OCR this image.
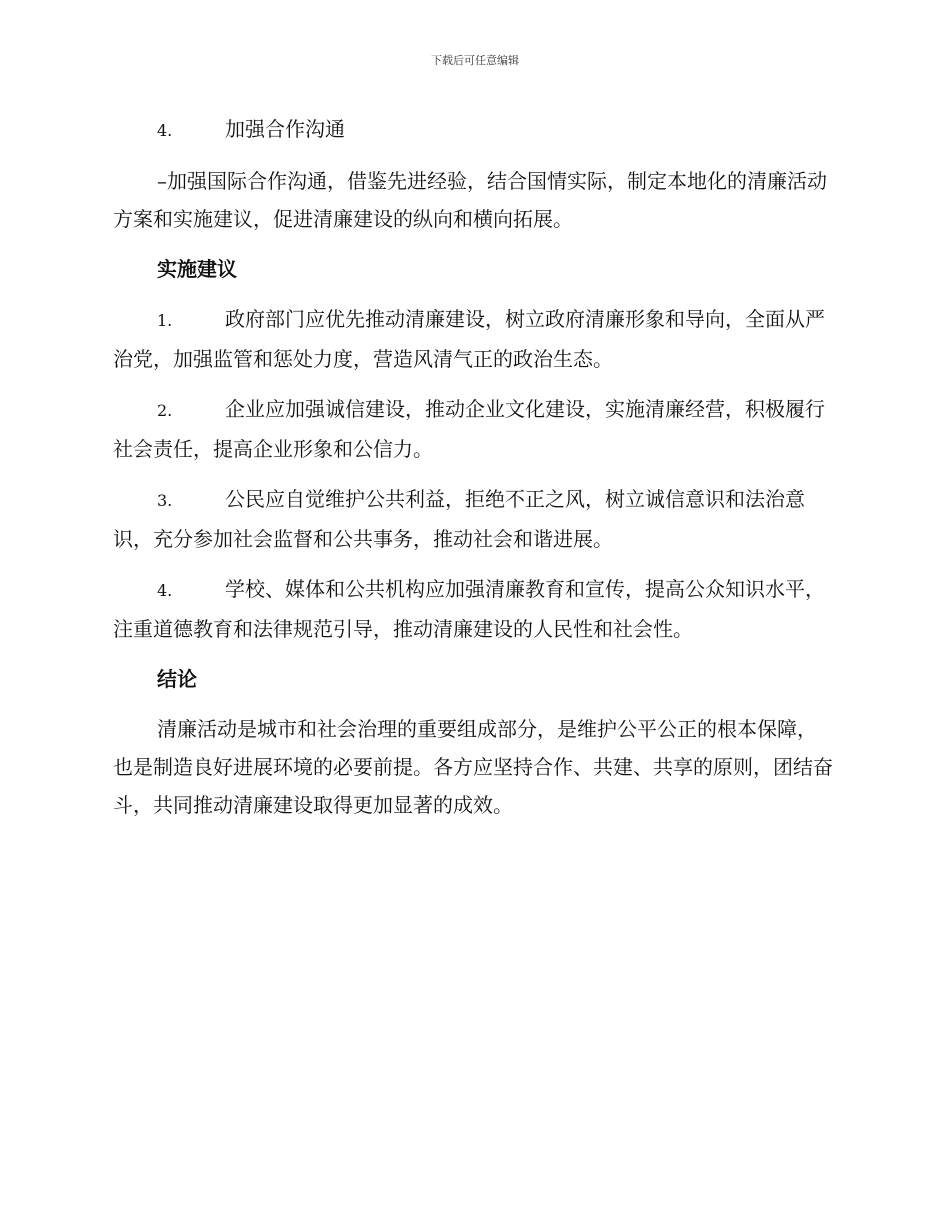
下载后可任意编辑

4.	加强合作沟通

–加强国际合作沟通，借鉴先进经验，结合国情实际，制定本地化的清廉活动方案和实施建议，促进清廉建设的纵向和横向拓展。

实施建议

1.	政府部门应优先推动清廉建设，树立政府清廉形象和导向，全面从严治党，加强监管和惩处力度，营造风清气正的政治生态。

2.	企业应加强诚信建设，推动企业文化建设，实施清廉经营，积极履行社会责任，提高企业形象和公信力。

3.	公民应自觉维护公共利益，拒绝不正之风，树立诚信意识和法治意识，充分参加社会监督和公共事务，推动社会和谐进展。

4.	学校、媒体和公共机构应加强清廉教育和宣传，提高公众知识水平，注重道德教育和法律规范引导，推动清廉建设的人民性和社会性。

结论

清廉活动是城市和社会治理的重要组成部分，是维护公平公正的根本保障，也是制造良好进展环境的必要前提。各方应坚持合作、共建、共享的原则，团结奋斗，共同推动清廉建设取得更加显著的成效。
